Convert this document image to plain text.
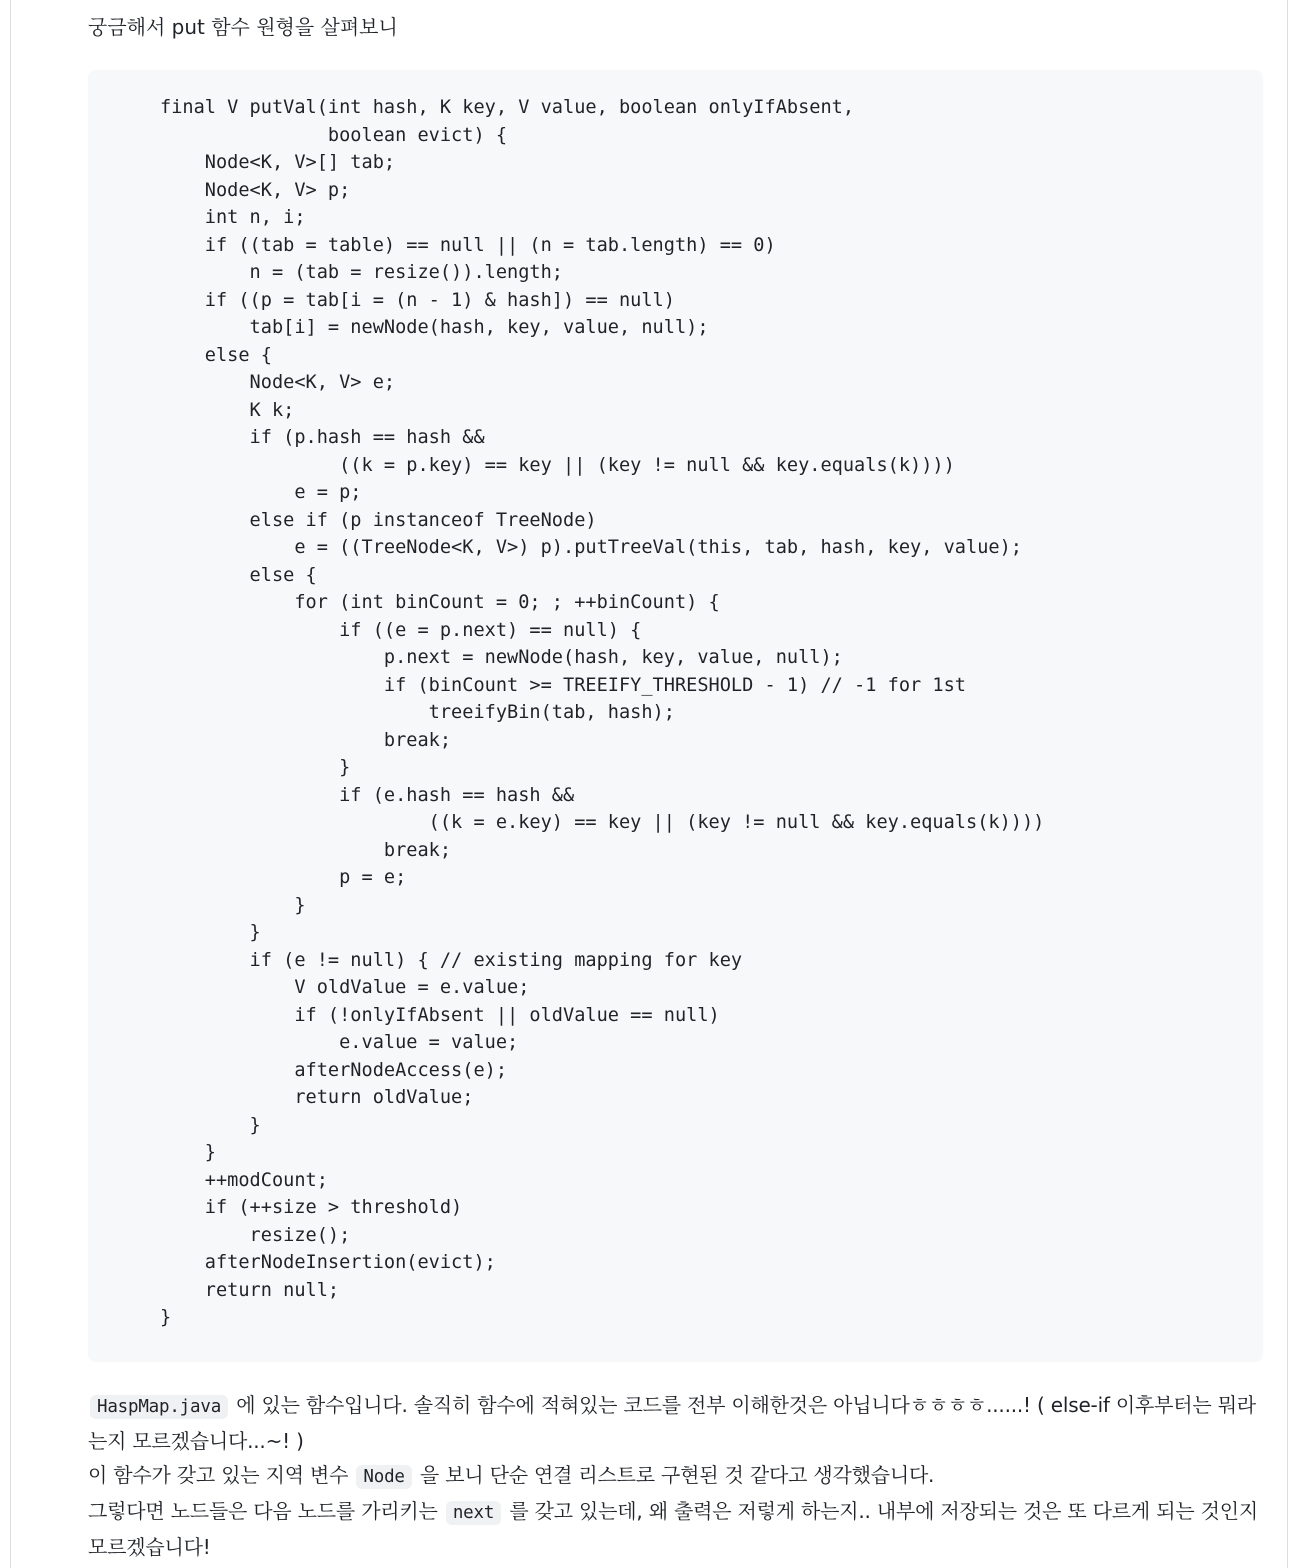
궁금해서 put 함수 원형을 살펴보니

final V putVal(int hash, K key, V value, boolean onlyIfAbsent,
boolean evict) {
Node<K, V>[] tab;
Node<K, V> p;
int n, i;
if ((tab = table) == null || (n = tab.length) == 0)
n = (tab = resize()).length;
if ((p = tab[i = (n - 1) & hash]) == null)
tab[i] = newNode(hash, key, value, null);
else {
Node<K, V> e;
K k;
if (p.hash == hash &&
((k = p.key) == key || (key != null && key.equals(k))))
e = p;
else if (p instanceof TreeNode)
e = ((TreeNode<K, V>) p).putTreeVal(this, tab, hash, key, value);
else {
for (int binCount = 0; ; ++binCount) {
if ((e = p.next) == null) {
p.next = newNode(hash, key, value, null);
if (binCount >= TREEIFY_THRESHOLD - 1) // -1 for 1st
treeifyBin(tab, hash);
break;
}
if (e.hash == hash &&
((k = e.key) == key || (key != null && key.equals(k))))
break;
p = e;
}
}
if (e != null) { // existing mapping for key
V oldValue = e.value;
if (!onlyIfAbsent || oldValue == null)
e.value = value;
afterNodeAccess(e);
return oldValue;
}
}
++modCount;
if (++size > threshold)
resize();
afterNodeInsertion(evict);
return null;
}

HaspMap.java 에 있는 함수입니다. 솔직히 함수에 적혀있는 코드를 전부 이해한것은 아닙니다ㅎㅎㅎㅎ......! ( else-if 이후부터는 뭐라는지 모르겠습니다...~! )

이 함수가 갖고 있는 지역 변수 Node 을 보니 단순 연결 리스트로 구현된 것 같다고 생각했습니다.

그렇다면 노드들은 다음 노드를 가리키는 next 를 갖고 있는데, 왜 출력은 저렇게 하는지.. 내부에 저장되는 것은 또 다르게 되는 것인지 모르겠습니다!
